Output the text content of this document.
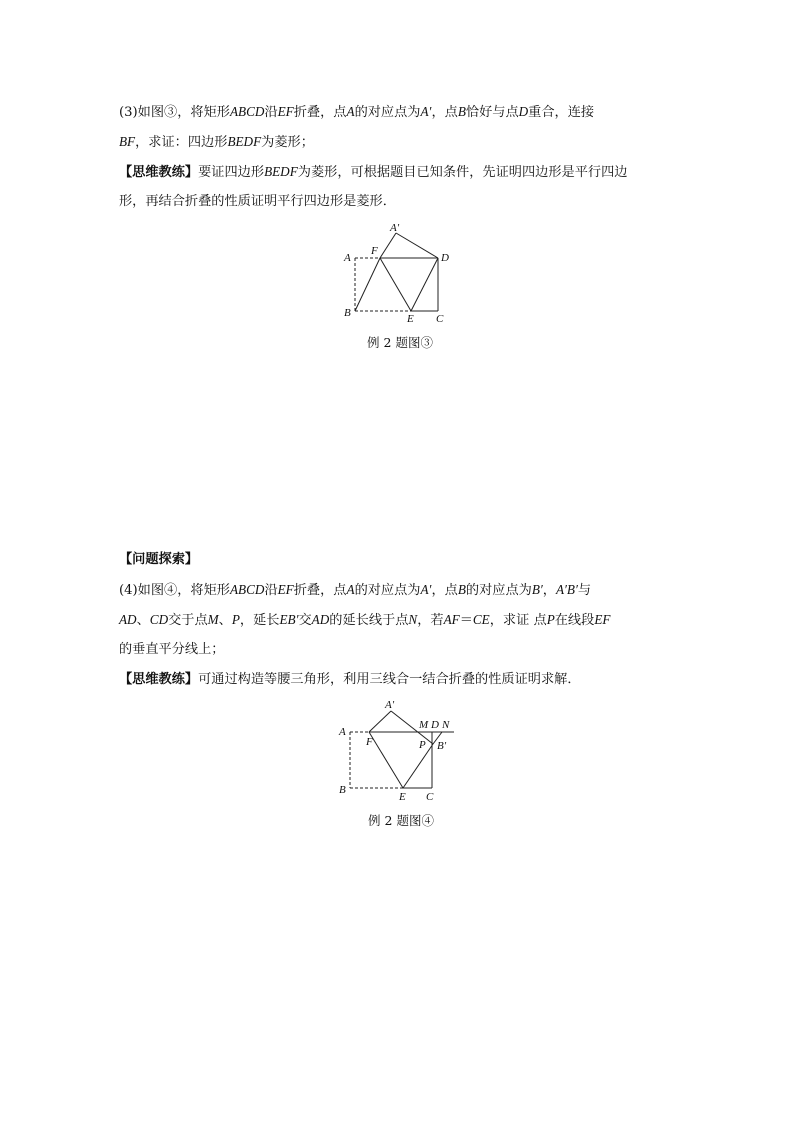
(3)如图③，将矩形ABCD沿EF折叠，点A的对应点为A′，点B恰好与点D重合，连接
BF，求证：四边形BEDF为菱形；
【思维教练】要证四边形BEDF为菱形，可根据题目已知条件，先证明四边形是平行四边
形，再结合折叠的性质证明平行四边形是菱形．
A
A′
F
D
B	E C
例 2 题图③
【问题探索】
(4)如图④，将矩形ABCD沿EF折叠，点A的对应点为A′，点B的对应点为B′，A′B′与
AD、CD交于点M、P，延长EB′交AD的延长线于点N，若AF＝CE，求证 点P在线段EF
的垂直平分线上；
【思维教练】可通过构造等腰三角形，利用三线合一结合折叠的性质证明求解．
A
A′
F
M D N
P B′
B
E C
例 2 题图④
